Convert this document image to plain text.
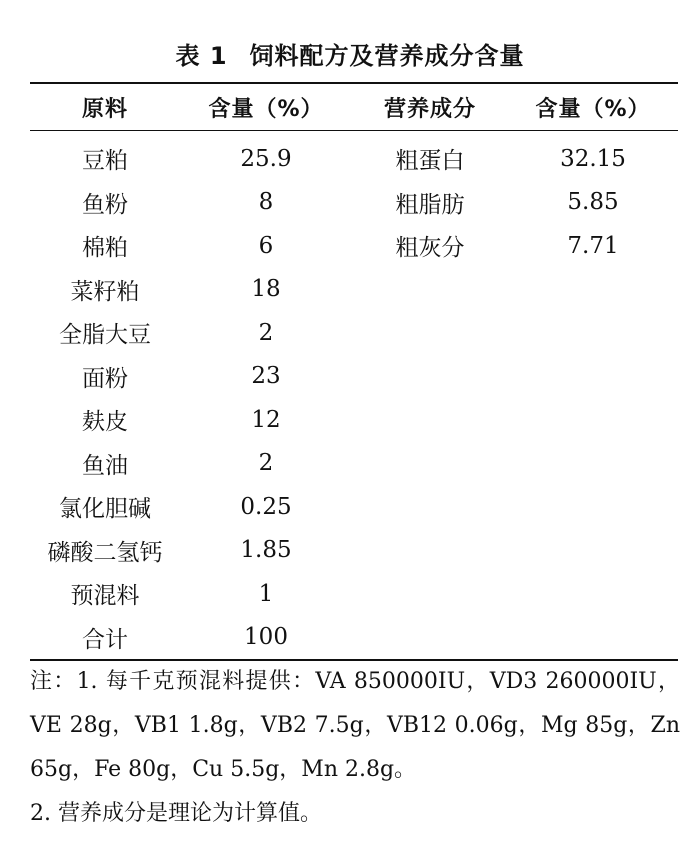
表 1 饲料配方及营养成分含量
原料	含量（%）	营养成分	含量（%）
豆粕	25.9	粗蛋白	32.15
鱼粉	8	粗脂肪	5.85
棉粕	6	粗灰分	7.71
菜籽粕	18		
全脂大豆	2		
面粉	23		
麸皮	12		
鱼油	2		
氯化胆碱	0.25		
磷酸二氢钙	1.85		
预混料	1		
合计	100		

注：1. 每千克预混料提供：VA 850000IU，VD3 260000IU，VE 28g，VB1 1.8g，VB2 7.5g，VB12 0.06g，Mg 85g，Zn 65g，Fe 80g，Cu 5.5g，Mn 2.8g。

2. 营养成分是理论为计算值。
